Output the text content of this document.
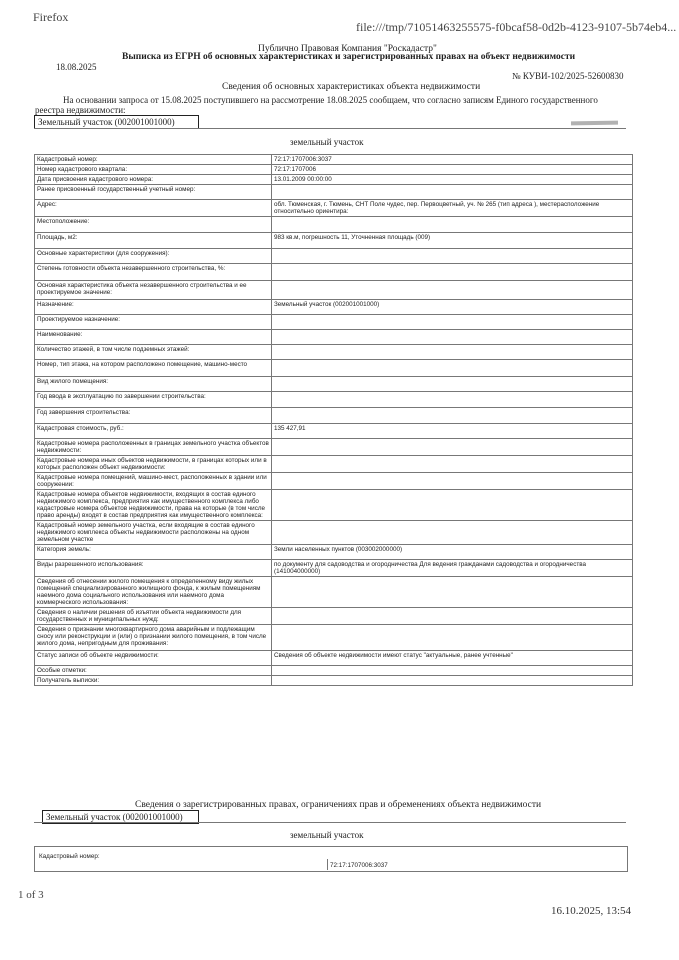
Firefox
file:///tmp/71051463255575-f0bcaf58-0d2b-4123-9107-5b74eb4...
18.08.2025
Публично Правовая Компания "Роскадастр"
Выписка из ЕГРН об основных характеристиках и зарегистрированных правах на объект недвижимости
№ КУВИ-102/2025-52600830
Сведения об основных характеристиках объекта недвижимости
На основании запроса от 15.08.2025 поступившего на рассмотрение 18.08.2025 сообщаем, что согласно записям Единого государственного реестра недвижимости:
Земельный участок (002001001000)
земельный участок
Кадастровый номер:	72:17:1707006:3037
Номер кадастрового квартала:	72:17:1707006
Дата присвоения кадастрового номера:	13.01.2009 00:00:00
Ранее присвоенный государственный учетный номер:	
Адрес:	обл. Тюменская, г. Тюмень, СНТ Поле чудес, пер. Первоцветный, уч. № 265 (тип адреса ), местерасположение относительно ориентира:
Местоположение:	
Площадь, м2:	983 кв.м, погрешность 11, Уточненная площадь (009)
Основные характеристики (для сооружения):	
Степень готовности объекта незавершенного строительства, %:	
Основная характеристика объекта незавершенного строительства и ее проектируемое значение:	
Назначение:	Земельный участок (002001001000)
Проектируемое назначение:	
Наименование:	
Количество этажей, в том числе подземных этажей:	
Номер, тип этажа, на котором расположено помещение, машино-место	
Вид жилого помещения:	
Год ввода в эксплуатацию по завершении строительства:	
Год завершения строительства:	
Кадастровая стоимость, руб.:	135 427,91
Кадастровые номера расположенных в границах земельного участка объектов недвижимости:	
Кадастровые номера иных объектов недвижимости, в границах которых или в которых расположен объект недвижимости:	
Кадастровые номера помещений, машино-мест, расположенных в здании или сооружении:	
Кадастровые номера объектов недвижимости, входящих в состав единого недвижимого комплекса, предприятия как имущественного комплекса либо кадастровые номера объектов недвижимости, права на которые (в том числе право аренды) входят в состав предприятия как имущественного комплекса:	
Кадастровый номер земельного участка, если входящие в состав единого недвижимого комплекса объекты недвижимости расположены на одном земельном участке	
Категория земель:	Земли населенных пунктов (003002000000)
Виды разрешенного использования:	по документу для садоводства и огородничества Для ведения гражданами садоводства и огородничества (141004000000)
Сведения об отнесении жилого помещения к определенному виду жилых помещений специализированного жилищного фонда, к жилым помещениям наемного дома социального использования или наемного дома коммерческого использования:	
Сведения о наличии решения об изъятии объекта недвижимости для государственных и муниципальных нужд:	
Сведения о признании многоквартирного дома аварийным и подлежащим сносу или реконструкции и (или) о признании жилого помещения, в том числе жилого дома, непригодным для проживания:	
Статус записи об объекте недвижимости:	Сведения об объекте недвижимости имеют статус "актуальные, ранее учтенные"
Особые отметки:	
Получатель выписки:	
Сведения о зарегистрированных правах, ограничениях прав и обременениях объекта недвижимости
Земельный участок (002001001000)
земельный участок
Кадастровый номер:
72:17:1707006:3037
1 of 3
16.10.2025, 13:54
